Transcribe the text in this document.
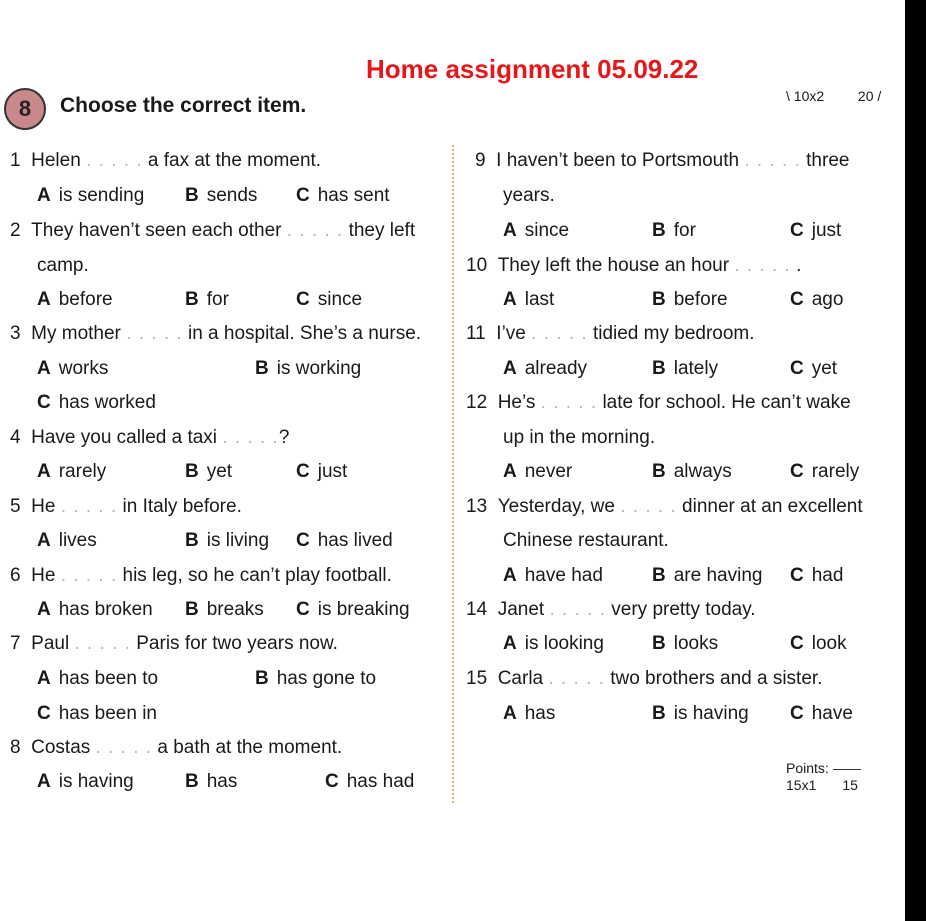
Home assignment 05.09.22
8 Choose the correct item.	\ 10x2 20 /
1 Helen . . . . . a fax at the moment.
A is sending B sends C has sent
2 They haven’t seen each other . . . . . they left
camp.
A before	B for	C since
3 My mother . . . . . in a hospital. She’s a nurse.
A works	B is working
C has worked
4 Have you called a taxi . . . . .?
A rarely	B yet	C just
5 He . . . . . in Italy before.
A lives	B is living C has lived
6 He . . . . . his leg, so he can’t play football.
A has broken B breaks C is breaking
7 Paul . . . . . Paris for two years now.
A has been to	B has gone to
C has been in
8 Costas . . . . . a bath at the moment.
A is having	B has	C has had
9 I haven’t been to Portsmouth . . . . . three
years.
A since	B for	C just
10 They left the house an hour . . . . . .
A last	B before	C ago
11 I’ve . . . . . tidied my bedroom.
A already	B lately	C yet
12 He’s . . . . . late for school. He can’t wake
up in the morning.
A never	B always	C rarely
13 Yesterday, we . . . . . dinner at an excellent
Chinese restaurant.
A have had	B are having C had
14 Janet . . . . . very pretty today.
A is looking	B looks	C look
15 Carla . . . . . two brothers and a sister.
A has	B is having C have
Points:
15x1 15
